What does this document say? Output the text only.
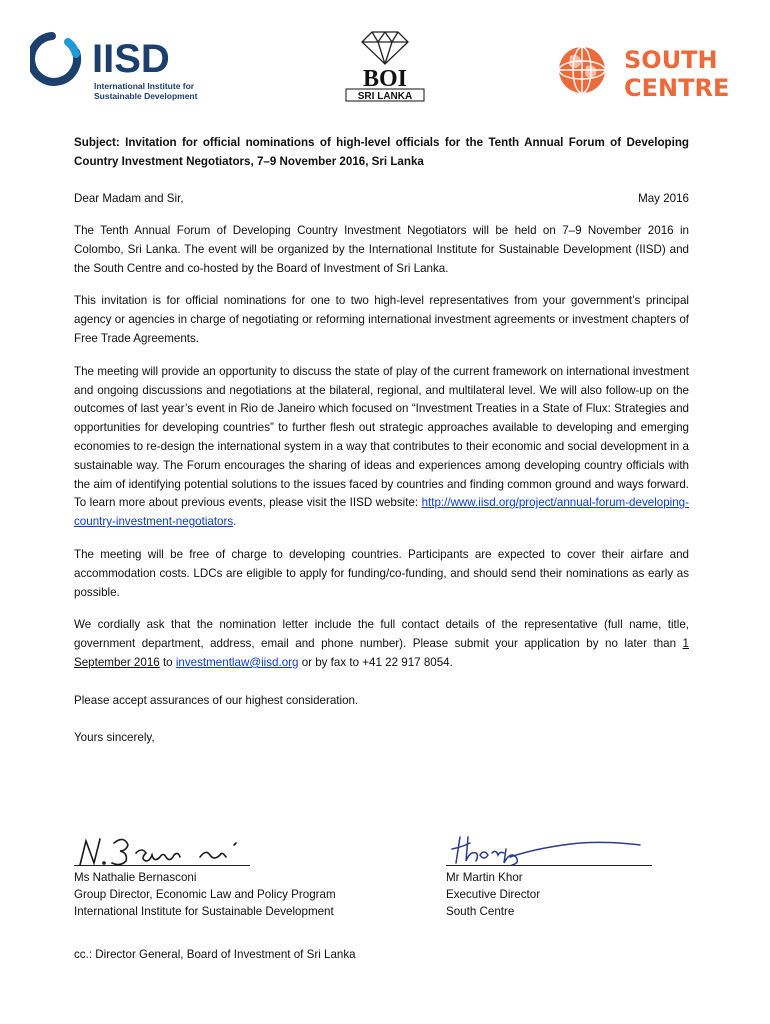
IISD
International Institute for
Sustainable Development
BOI
SRI LANKA
SOUTH
CENTRE

Subject: Invitation for official nominations of high-level officials for the Tenth Annual Forum of Developing Country Investment Negotiators, 7–9 November 2016, Sri Lanka

Dear Madam and Sir,	May 2016

The Tenth Annual Forum of Developing Country Investment Negotiators will be held on 7–9 November 2016 in Colombo, Sri Lanka. The event will be organized by the International Institute for Sustainable Development (IISD) and the South Centre and co-hosted by the Board of Investment of Sri Lanka.

This invitation is for official nominations for one to two high-level representatives from your government’s principal agency or agencies in charge of negotiating or reforming international investment agreements or investment chapters of Free Trade Agreements.

The meeting will provide an opportunity to discuss the state of play of the current framework on international investment and ongoing discussions and negotiations at the bilateral, regional, and multilateral level. We will also follow-up on the outcomes of last year’s event in Rio de Janeiro which focused on “Investment Treaties in a State of Flux: Strategies and opportunities for developing countries” to further flesh out strategic approaches available to developing and emerging economies to re-design the international system in a way that contributes to their economic and social development in a sustainable way. The Forum encourages the sharing of ideas and experiences among developing country officials with the aim of identifying potential solutions to the issues faced by countries and finding common ground and ways forward. To learn more about previous events, please visit the IISD website: http://www.iisd.org/project/annual-forum-developing-country-investment-negotiators.

The meeting will be free of charge to developing countries. Participants are expected to cover their airfare and accommodation costs. LDCs are eligible to apply for funding/co-funding, and should send their nominations as early as possible.

We cordially ask that the nomination letter include the full contact details of the representative (full name, title, government department, address, email and phone number). Please submit your application by no later than 1 September 2016 to investmentlaw@iisd.org or by fax to +41 22 917 8054.

Please accept assurances of our highest consideration.
Yours sincerely,
Ms Nathalie Bernasconi
Group Director, Economic Law and Policy Program
International Institute for Sustainable Development
Mr Martin Khor
Executive Director
South Centre
cc.: Director General, Board of Investment of Sri Lanka
